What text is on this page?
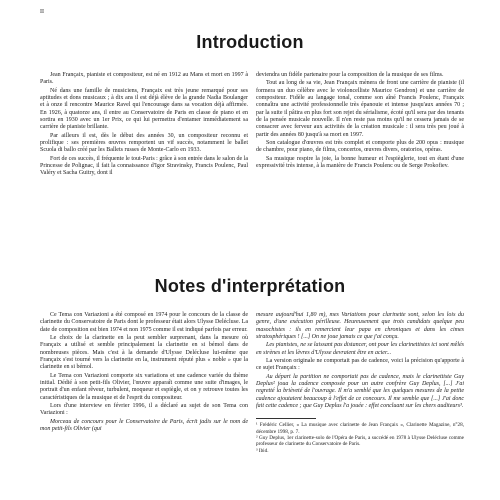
II
Introduction

Jean Françaix, pianiste et compositeur, est né en 1912 au Mans et mort en 1997 à Paris.

Né dans une famille de musiciens, Françaix est très jeune remarqué pour ses aptitudes et dons musicaux ; à dix ans il est déjà élève de la grande Nadia Boulanger et à onze il rencontre Maurice Ravel qui l'encourage dans sa vocation déjà affirmée. En 1926, à quatorze ans, il entre au Conservatoire de Paris en classe de piano et en sortira en 1930 avec un 1er Prix, ce qui lui permettra d'entamer immédiatement sa carrière de pianiste brillante.

Par ailleurs il est, dès le début des années 30, un compositeur reconnu et prolifique : ses premières œuvres remportent un vif succès, notamment le ballet Scuola di ballo créé par les Ballets russes de Monte-Carlo en 1933.

Fort de ces succès, il fréquente le tout-Paris : grâce à son entrée dans le salon de la Princesse de Polignac, il fait la connaissance d'Igor Stravinsky, Francis Poulenc, Paul Valéry et Sacha Guitry, dont il

deviendra un fidèle partenaire pour la composition de la musique de ses films.

Tout au long de sa vie, Jean Françaix mènera de front une carrière de pianiste (il formera un duo célèbre avec le violoncelliste Maurice Gendron) et une carrière de compositeur. Fidèle au langage tonal, comme son aîné Francis Poulenc, Françaix connaîtra une activité professionnelle très épanouie et intense jusqu'aux années 70 ; par la suite il pâtira en plus fort son rejet du sérialisme, écoté qu'il sera par des tenants de la pensée musicale nouvelle. Il n'en reste pas moins qu'il ne cessera jamais de se consacrer avec ferveur aux activités de la création musicale : il sera très peu joué à partir des années 80 jusqu'à sa mort en 1997.

Son catalogue d'œuvres est très complet et comporte plus de 200 opus : musique de chambre, pour piano, de films, concertos, œuvres divers, oratorios, opéras.

Sa musique respire la joie, la bonne humeur et l'espièglerie, tout en étant d'une expressivité très intense, à la manière de Francis Poulenc ou de Serge Prokofiev.

Notes d'interprétation

Ce Tema con Variazioni a été composé en 1974 pour le concours de la classe de clarinette du Conservatoire de Paris dont le professeur était alors Ulysse Delécluse. La date de composition est bien 1974 et non 1975 comme il est indiqué parfois par erreur.

Le choix de la clarinette en la peut sembler surprenant, dans la mesure où Françaix a utilisé et semble principalement la clarinette en si bémol dans de nombreuses pièces. Mais c'est à la demande d'Ulysse Delécluse lui-même que Françaix s'est tourné vers la clarinette en la, instrument réputé plus « noble » que la clarinette en si bémol.

Le Tema con Variazioni comporte six variations et une cadence variée du thème initial. Dédié à son petit-fils Olivier, l'œuvre apparaît comme une suite d'images, le portrait d'un enfant rêveur, turbulent, moqueur et espiègle, et on y retrouve toutes les caractéristiques de la musique et de l'esprit du compositeur.

Lors d'une interview en février 1996, il a déclaré au sujet de son Tema con Variazioni :

Morceau de concours pour le Conservatoire de Paris, écrit jadis sur le nom de mon petit-fils Olivier (qui

mesure aujourd'hui 1,80 m), mes Variations pour clarinette sont, selon les lois du genre, d'une exécution périlleuse. Heureusement que trois candidats quelque peu masochistes : ils en remercient leur papa en chroniques et dans les cimes stratosphériques ! [...] On ne joue jamais ce que j'ai conçu.

Les pianistes, ne se laissant pas distancer, ont pour les clarinettistes ici sont mêlés en sirènes et les lèvres d'Ulysse devraient être en acier...

La version originale ne comportait pas de cadence, voici la précision qu'apporte à ce sujet Françaix :

Au départ la partition ne comportait pas de cadence, mais le clarinettiste Guy Deplus² joua la cadence composée pour un autre confrère Guy Deplus, [...] J'ai regretté la brièveté de l'ouvrage. Il m'a semblé que les quelques mesures de la petite cadence ajoutaient beaucoup à l'effet de ce concours. Il me semble que [...] J'ai donc fait cette cadence ; que Guy Deplus l'a jouée : effet concluant sur les chers auditeurs³.

¹ Frédéric Cellier, « La musique avec clarinette de Jean Françaix », Clarinette Magazine, n°28, décembre 1998, p. 7.

² Guy Deplus, 1er clarinette-solo de l'Opéra de Paris, a succédé en 1978 à Ulysse Delécluse comme professeur de clarinette du Conservatoire de Paris.

³ Ibid.
